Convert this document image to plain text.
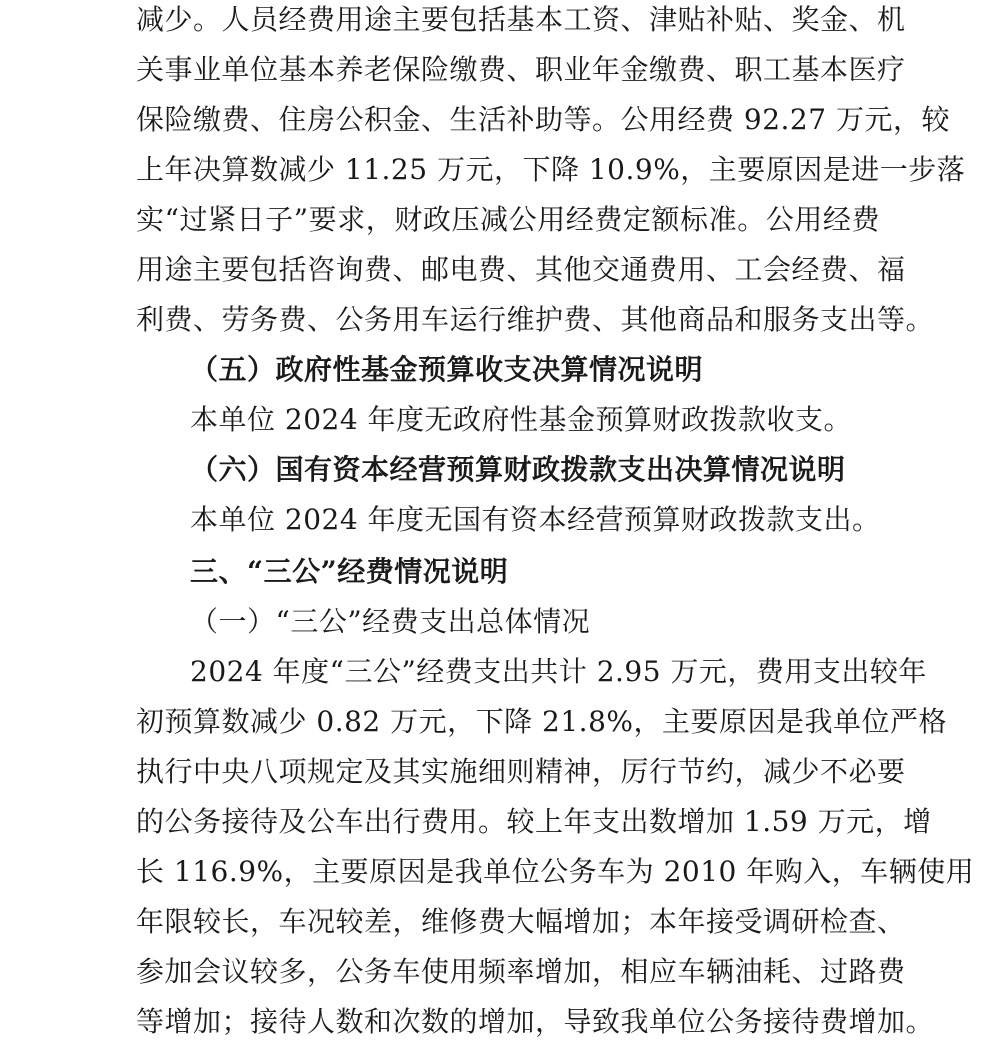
减少。人员经费用途主要包括基本工资、津贴补贴、奖金、机
关事业单位基本养老保险缴费、职业年金缴费、职工基本医疗
保险缴费、住房公积金、生活补助等。公用经费 92.27 万元，较
上年决算数减少 11.25 万元，下降 10.9%，主要原因是进一步落
实“过紧日子”要求，财政压减公用经费定额标准。公用经费
用途主要包括咨询费、邮电费、其他交通费用、工会经费、福
利费、劳务费、公务用车运行维护费、其他商品和服务支出等。
（五）政府性基金预算收支决算情况说明
本单位 2024 年度无政府性基金预算财政拨款收支。
（六）国有资本经营预算财政拨款支出决算情况说明
本单位 2024 年度无国有资本经营预算财政拨款支出。
三、“三公”经费情况说明
（一）“三公”经费支出总体情况
2024 年度“三公”经费支出共计 2.95 万元，费用支出较年
初预算数减少 0.82 万元，下降 21.8%，主要原因是我单位严格
执行中央八项规定及其实施细则精神，厉行节约，减少不必要
的公务接待及公车出行费用。较上年支出数增加 1.59 万元，增
长 116.9%，主要原因是我单位公务车为 2010 年购入，车辆使用
年限较长，车况较差，维修费大幅增加；本年接受调研检查、
参加会议较多，公务车使用频率增加，相应车辆油耗、过路费
等增加；接待人数和次数的增加，导致我单位公务接待费增加。
